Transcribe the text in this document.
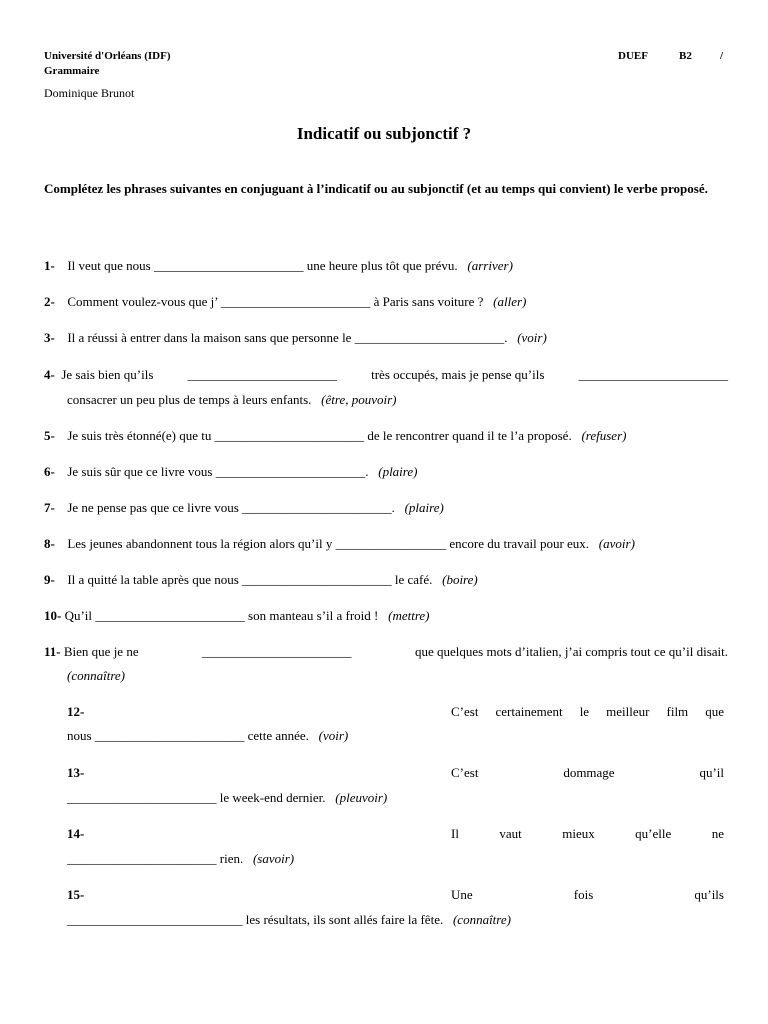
Université d'Orléans (IDF)
Grammaire
Dominique Brunot
DUEF	B2	/
Indicatif ou subjonctif ?
Complétez les phrases suivantes en conjuguant à l’indicatif ou au subjonctif (et au temps qui convient) le verbe proposé.
1- Il veut que nous _______________________ une heure plus tôt que prévu. (arriver)
2- Comment voulez-vous que j’ _______________________ à Paris sans voiture ? (aller)
3- Il a réussi à entrer dans la maison sans que personne le _______________________. (voir)
4- Je sais bien qu’ils	_______________________	très occupés, mais je pense qu’ils	_______________________
consacrer un peu plus de temps à leurs enfants. (être, pouvoir)
5- Je suis très étonné(e) que tu _______________________ de le rencontrer quand il te l’a proposé. (refuser)
6- Je suis sûr que ce livre vous _______________________. (plaire)
7- Je ne pense pas que ce livre vous _______________________. (plaire)
8- Les jeunes abandonnent tous la région alors qu’il y _________________ encore du travail pour eux. (avoir)
9- Il a quitté la table après que nous _______________________ le café. (boire)
10- Qu’il _______________________ son manteau s’il a froid ! (mettre)
11- Bien que je ne	_______________________	que quelques mots d’italien, j’ai compris tout ce qu’il disait.
(connaître)
12-	C’est certainement le meilleur film que
nous _______________________ cette année. (voir)
13-	C’est	dommage	qu’il
_______________________ le week-end dernier. (pleuvoir)
14-	Il	vaut	mieux	qu’elle	ne
_______________________ rien. (savoir)
15-	Une	fois	qu’ils
___________________________ les résultats, ils sont allés faire la fête. (connaître)
